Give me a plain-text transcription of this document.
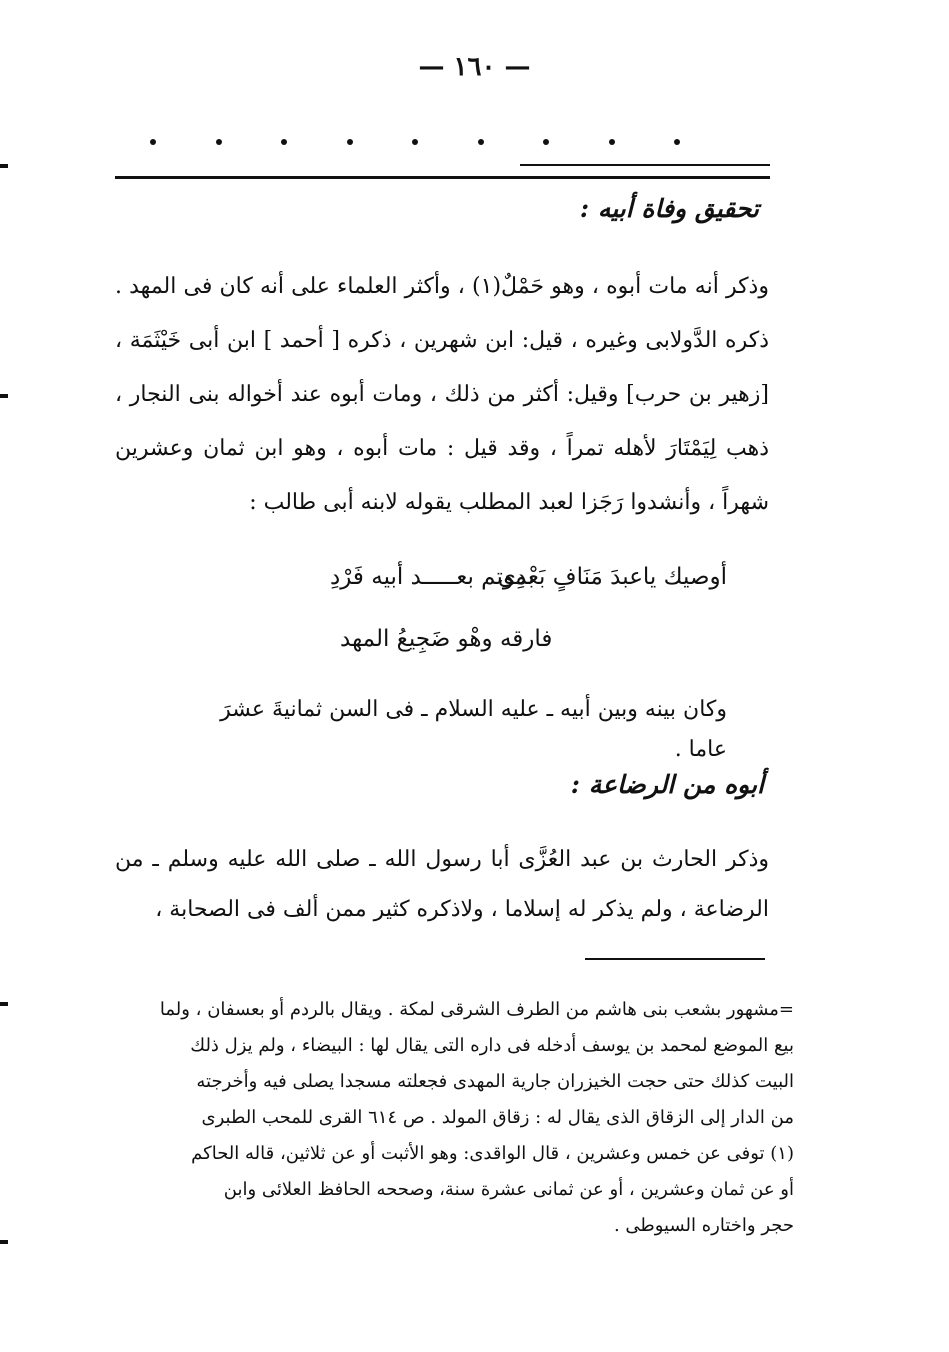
— ١٦٠ —
تحقيق وفاة أبيه :
وذكر أنه مات أبوه ، وهو حَمْلٌ(١) ، وأكثر العلماء على أنه كان فى المهد . ذكره الدَّولابى وغيره ، قيل: ابن شهرين ، ذكره [ أحمد ] ابن أبى خَيْثَمَة ، [زهير بن حرب] وقيل: أكثر من ذلك ، ومات أبوه عند أخواله بنى النجار ، ذهب لِيَمْتَارَ لأهله تمراً ، وقد قيل : مات أبوه ، وهو ابن ثمان وعشرين شهراً ، وأنشدوا رَجَزا لعبد المطلب يقوله لابنه أبى طالب :
أوصيك ياعبدَ مَنَافٍ بَعْدِى
بموتم بعـــــد أبيه فَرْدِ
فارقه وهْو ضَجِيعُ المهد
وكان بينه وبين أبيه ـ عليه السلام ـ فى السن ثمانيةَ عشرَ عاما .
أبوه من الرضاعة :
وذكر الحارث بن عبد العُزَّى أبا رسول الله ـ صلى الله عليه وسلم ـ من الرضاعة ، ولم يذكر له إسلاما ، ولاذكره كثير ممن ألف فى الصحابة ،
=مشهور بشعب بنى هاشم من الطرف الشرقى لمكة . ويقال بالردم أو بعسفان ، ولما
بيع الموضع لمحمد بن يوسف أدخله فى داره التى يقال لها : البيضاء ، ولم يزل ذلك
البيت كذلك حتى حجت الخيزران جارية المهدى فجعلته مسجدا يصلى فيه وأخرجته
من الدار إلى الزقاق الذى يقال له : زقاق المولد . ص ٦١٤ القرى للمحب الطبرى
(١) توفى عن خمس وعشرين ، قال الواقدى: وهو الأثبت أو عن ثلاثين، قاله الحاكم
أو عن ثمان وعشرين ، أو عن ثمانى عشرة سنة، وصححه الحافظ العلائى وابن
حجر واختاره السيوطى .
